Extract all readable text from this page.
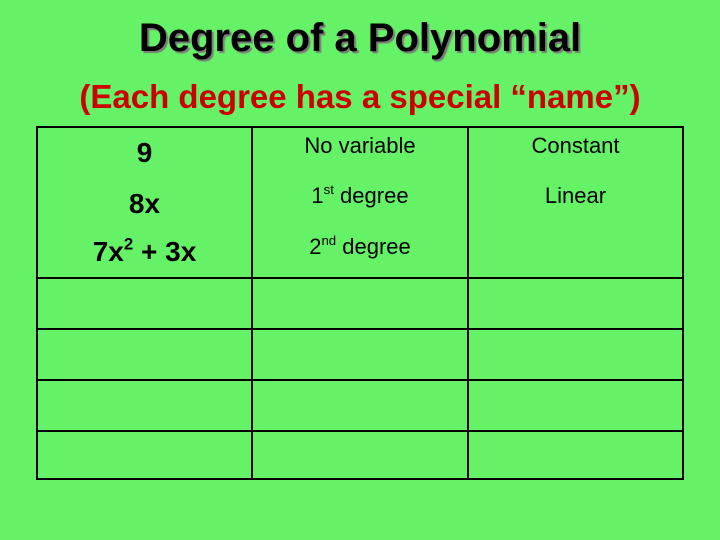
Degree of a Polynomial
(Each degree has a special “name”)
9
8x
$7x^2 + 3x$
No variable
1st degree
2nd degree
Constant
Linear
